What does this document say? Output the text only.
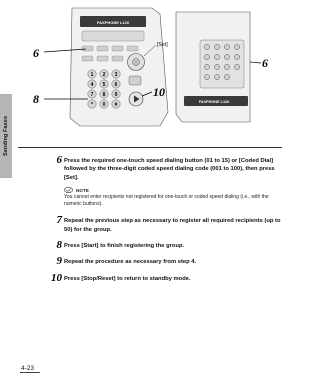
Sending Faxes
FAXPHONE L120
1 2 3
4 5 6
7 8 9
* 0 #
[Set]
6
8	10
6
FAXPHONE L120
6 Press the required one-touch speed dialing button (01 to 15) or [Coded Dial] followed by the three-digit coded speed dialing code (001 to 100), then press [Set].
NOTE
You cannot enter recipients not registered for one-touch or coded speed dialing (i.e., with the numeric buttons).
7 Repeat the previous step as necessary to register all required recipients (up to 50) for the group.
8 Press [Start] to finish registering the group.
9 Repeat the procedure as necessary from step 4.
10 Press [Stop/Reset] to return to standby mode.
4-23
